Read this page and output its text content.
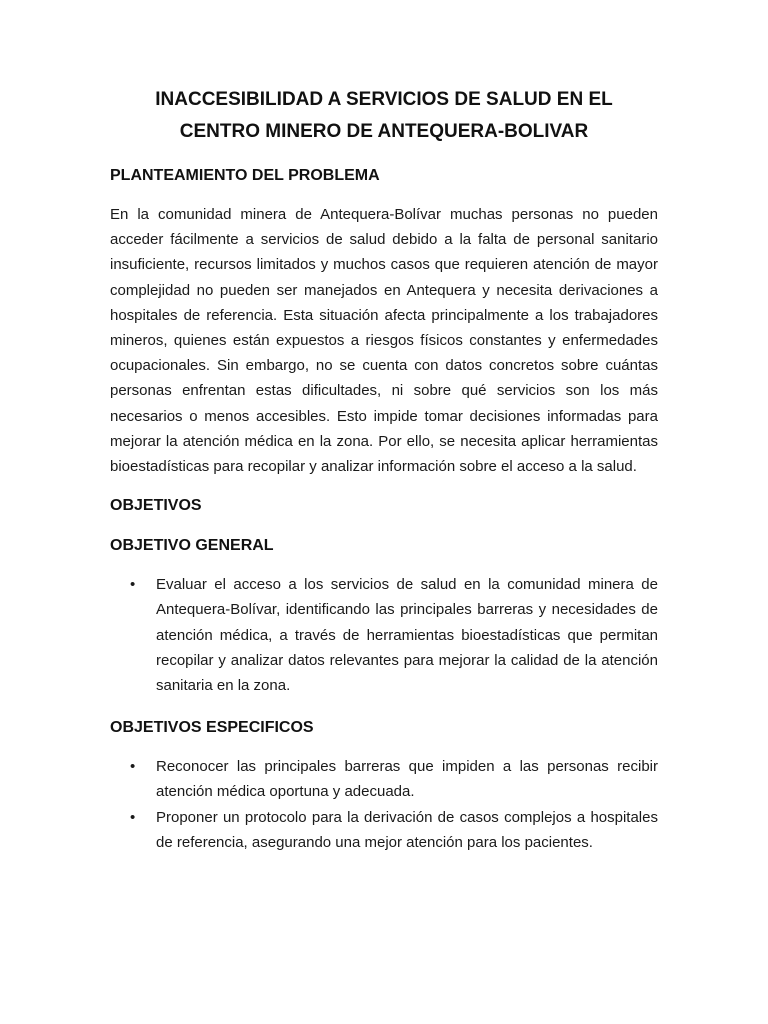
INACCESIBILIDAD A SERVICIOS DE SALUD EN EL
CENTRO MINERO DE ANTEQUERA-BOLIVAR
PLANTEAMIENTO DEL PROBLEMA

En la comunidad minera de Antequera-Bolívar muchas personas no pueden acceder fácilmente a servicios de salud debido a la falta de personal sanitario insuficiente, recursos limitados y muchos casos que requieren atención de mayor complejidad no pueden ser manejados en Antequera y necesita derivaciones a hospitales de referencia. Esta situación afecta principalmente a los trabajadores mineros, quienes están expuestos a riesgos físicos constantes y enfermedades ocupacionales. Sin embargo, no se cuenta con datos concretos sobre cuántas personas enfrentan estas dificultades, ni sobre qué servicios son los más necesarios o menos accesibles. Esto impide tomar decisiones informadas para mejorar la atención médica en la zona. Por ello, se necesita aplicar herramientas bioestadísticas para recopilar y analizar información sobre el acceso a la salud.

OBJETIVOS
OBJETIVO GENERAL
• Evaluar el acceso a los servicios de salud en la comunidad minera de Antequera-Bolívar, identificando las principales barreras y necesidades de atención médica, a través de herramientas bioestadísticas que permitan recopilar y analizar datos relevantes para mejorar la calidad de la atención sanitaria en la zona.
OBJETIVOS ESPECIFICOS
• Reconocer las principales barreras que impiden a las personas recibir atención médica oportuna y adecuada.
• Proponer un protocolo para la derivación de casos complejos a hospitales de referencia, asegurando una mejor atención para los pacientes.
